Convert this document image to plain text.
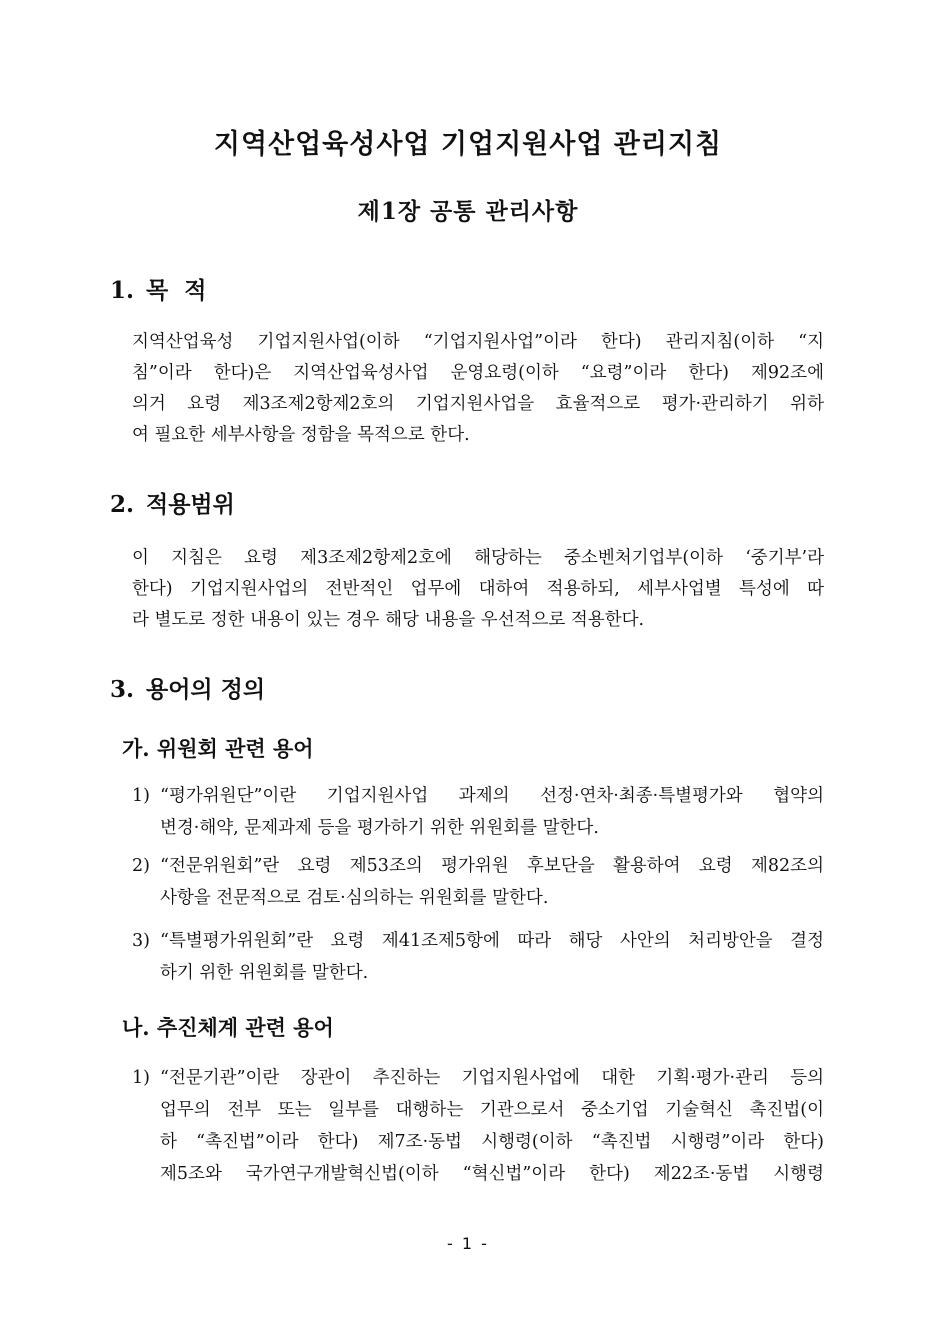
지역산업육성사업 기업지원사업 관리지침
제1장 공통 관리사항
1. 목  적
지역산업육성 기업지원사업(이하 “기업지원사업”이라 한다) 관리지침(이하 “지
침”이라 한다)은 지역산업육성사업 운영요령(이하 “요령”이라 한다) 제92조에
의거 요령 제3조제2항제2호의 기업지원사업을 효율적으로 평가·관리하기 위하
여 필요한 세부사항을 정함을 목적으로 한다.
2. 적용범위
이 지침은 요령 제3조제2항제2호에 해당하는 중소벤처기업부(이하 ‘중기부’라
한다) 기업지원사업의 전반적인 업무에 대하여 적용하되, 세부사업별 특성에 따
라 별도로 정한 내용이 있는 경우 해당 내용을 우선적으로 적용한다.
3. 용어의 정의
가. 위원회 관련 용어
1) “평가위원단”이란 기업지원사업 과제의 선정·연차·최종·특별평가와 협약의
변경·해약, 문제과제 등을 평가하기 위한 위원회를 말한다.
2) “전문위원회”란 요령 제53조의 평가위원 후보단을 활용하여 요령 제82조의
사항을 전문적으로 검토·심의하는 위원회를 말한다.
3) “특별평가위원회”란 요령 제41조제5항에 따라 해당 사안의 처리방안을 결정
하기 위한 위원회를 말한다.
나. 추진체계 관련 용어
1) “전문기관”이란 장관이 추진하는 기업지원사업에 대한 기획·평가·관리 등의
업무의 전부 또는 일부를 대행하는 기관으로서 중소기업 기술혁신 촉진법(이
하 “촉진법”이라 한다) 제7조·동법 시행령(이하 “촉진법 시행령”이라 한다)
제5조와 국가연구개발혁신법(이하 “혁신법”이라 한다) 제22조·동법 시행령
- 1 -
